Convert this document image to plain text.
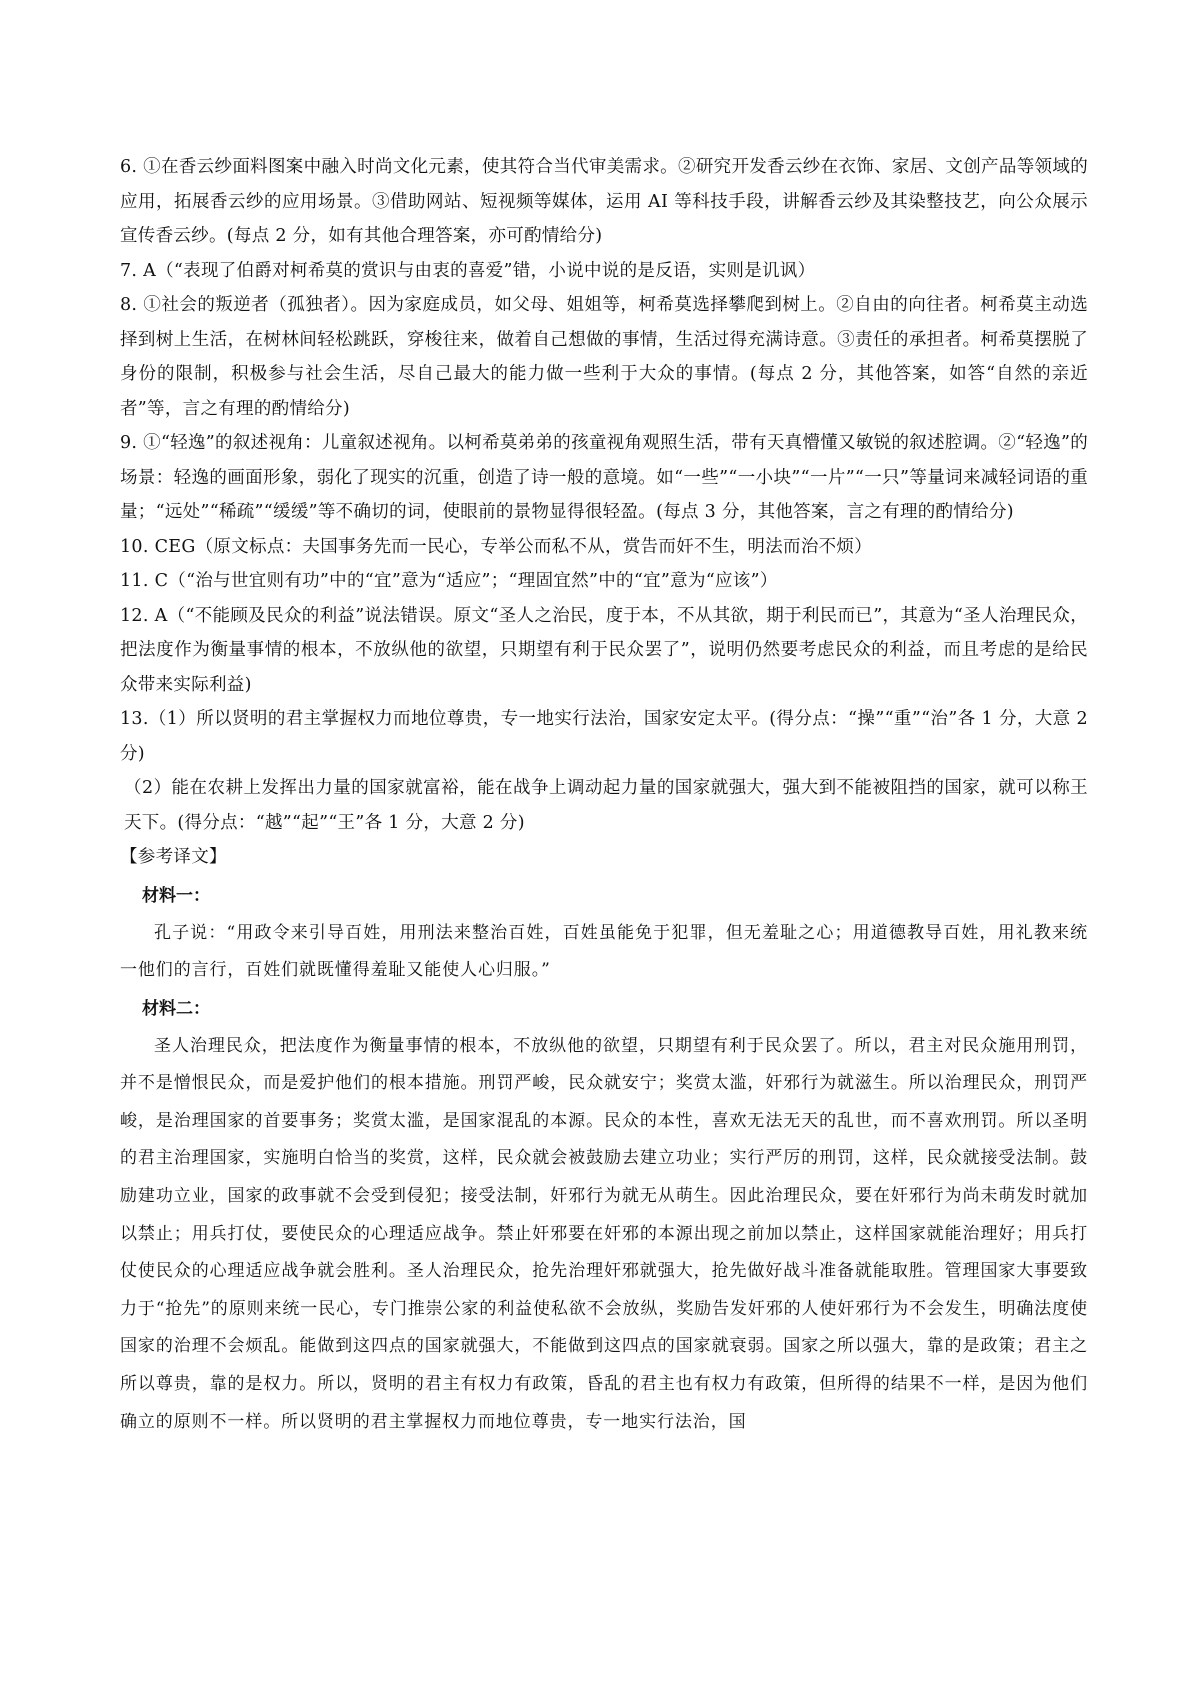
6. ①在香云纱面料图案中融入时尚文化元素，使其符合当代审美需求。②研究开发香云纱在衣饰、家居、文创产品等领域的应用，拓展香云纱的应用场景。③借助网站、短视频等媒体，运用 AI 等科技手段，讲解香云纱及其染整技艺，向公众展示宣传香云纱。(每点 2 分，如有其他合理答案，亦可酌情给分)

7. A（“表现了伯爵对柯希莫的赏识与由衷的喜爱”错，小说中说的是反语，实则是讥讽）

8. ①社会的叛逆者（孤独者）。因为家庭成员，如父母、姐姐等，柯希莫选择攀爬到树上。②自由的向往者。柯希莫主动选择到树上生活，在树林间轻松跳跃，穿梭往来，做着自己想做的事情，生活过得充满诗意。③责任的承担者。柯希莫摆脱了身份的限制，积极参与社会生活，尽自己最大的能力做一些利于大众的事情。(每点 2 分，其他答案，如答“自然的亲近者”等，言之有理的酌情给分)

9. ①“轻逸”的叙述视角：儿童叙述视角。以柯希莫弟弟的孩童视角观照生活，带有天真懵懂又敏锐的叙述腔调。②“轻逸”的场景：轻逸的画面形象，弱化了现实的沉重，创造了诗一般的意境。如“一些”“一小块”“一片”“一只”等量词来减轻词语的重量；“远处”“稀疏”“缓缓”等不确切的词，使眼前的景物显得很轻盈。(每点 3 分，其他答案，言之有理的酌情给分)

10. CEG（原文标点：夫国事务先而一民心，专举公而私不从，赏告而奸不生，明法而治不烦）

11. C（“治与世宜则有功”中的“宜”意为“适应”；“理固宜然”中的“宜”意为“应该”）

12. A（“不能顾及民众的利益”说法错误。原文“圣人之治民，度于本，不从其欲，期于利民而已”，其意为“圣人治理民众，把法度作为衡量事情的根本，不放纵他的欲望，只期望有利于民众罢了”，说明仍然要考虑民众的利益，而且考虑的是给民众带来实际利益)

13.（1）所以贤明的君主掌握权力而地位尊贵，专一地实行法治，国家安定太平。(得分点：“操”“重”“治”各 1 分，大意 2 分)

（2）能在农耕上发挥出力量的国家就富裕，能在战争上调动起力量的国家就强大，强大到不能被阻挡的国家，就可以称王天下。(得分点：“越”“起”“王”各 1 分，大意 2 分)

【参考译文】

材料一：

孔子说：“用政令来引导百姓，用刑法来整治百姓，百姓虽能免于犯罪，但无羞耻之心；用道德教导百姓，用礼教来统一他们的言行，百姓们就既懂得羞耻又能使人心归服。”

材料二：

圣人治理民众，把法度作为衡量事情的根本，不放纵他的欲望，只期望有利于民众罢了。所以，君主对民众施用刑罚，并不是憎恨民众，而是爱护他们的根本措施。刑罚严峻，民众就安宁；奖赏太滥，奸邪行为就滋生。所以治理民众，刑罚严峻，是治理国家的首要事务；奖赏太滥，是国家混乱的本源。民众的本性，喜欢无法无天的乱世，而不喜欢刑罚。所以圣明的君主治理国家，实施明白恰当的奖赏，这样，民众就会被鼓励去建立功业；实行严厉的刑罚，这样，民众就接受法制。鼓励建功立业，国家的政事就不会受到侵犯；接受法制，奸邪行为就无从萌生。因此治理民众，要在奸邪行为尚未萌发时就加以禁止；用兵打仗，要使民众的心理适应战争。禁止奸邪要在奸邪的本源出现之前加以禁止，这样国家就能治理好；用兵打仗使民众的心理适应战争就会胜利。圣人治理民众，抢先治理奸邪就强大，抢先做好战斗准备就能取胜。管理国家大事要致力于“抢先”的原则来统一民心，专门推崇公家的利益使私欲不会放纵，奖励告发奸邪的人使奸邪行为不会发生，明确法度使国家的治理不会烦乱。能做到这四点的国家就强大，不能做到这四点的国家就衰弱。国家之所以强大，靠的是政策；君主之所以尊贵，靠的是权力。所以，贤明的君主有权力有政策，昏乱的君主也有权力有政策，但所得的结果不一样，是因为他们确立的原则不一样。所以贤明的君主掌握权力而地位尊贵，专一地实行法治，国
